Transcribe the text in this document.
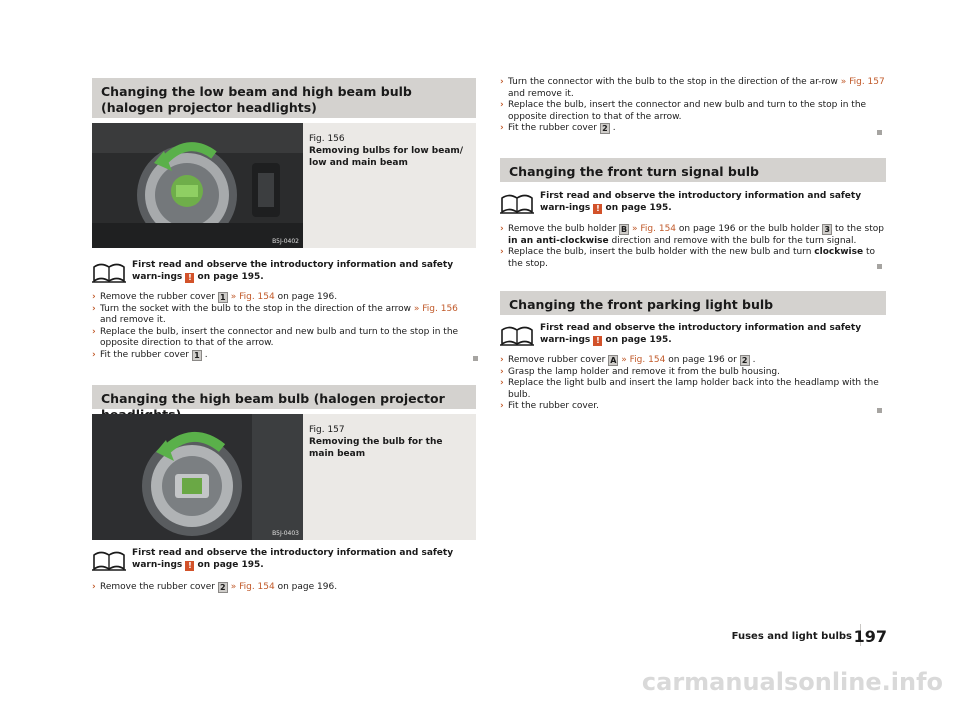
Changing the low beam and high beam bulb (halogen projector headlights)
B5J-0402
Fig. 156
Removing bulbs for low beam/ low and main beam
First read and observe the introductory information and safety warn-ings ! on page 195.
› Remove the rubber cover 1 » Fig. 154 on page 196.
› Turn the socket with the bulb to the stop in the direction of the arrow » Fig. 156 and remove it.
› Replace the bulb, insert the connector and new bulb and turn to the stop in the opposite direction to that of the arrow.
› Fit the rubber cover 1 .
Changing the high beam bulb (halogen projector
B5J-0403
Fig. 157
Removing the bulb for the main beam
First read and observe the introductory information and safety warn-ings ! on page 195.
› Remove the rubber cover 2 » Fig. 154 on page 196.
› Turn the connector with the bulb to the stop in the direction of the ar-row » Fig. 157 and remove it.
› Replace the bulb, insert the connector and new bulb and turn to the stop in the opposite direction to that of the arrow.
› Fit the rubber cover 2 .
Changing the front turn signal bulb
First read and observe the introductory information and safety warn-ings ! on page 195.
› Remove the bulb holder B » Fig. 154 on page 196 or the bulb holder 3 to the stop in an anti-clockwise direction and remove with the bulb for the turn signal.
› Replace the bulb, insert the bulb holder with the new bulb and turn clockwise to the stop.
Changing the front parking light bulb
First read and observe the introductory information and safety warn-ings ! on page 195.
› Remove rubber cover A » Fig. 154 on page 196 or 2 .
› Grasp the lamp holder and remove it from the bulb housing.
› Replace the light bulb and insert the lamp holder back into the headlamp with the bulb.
› Fit the rubber cover.
Fuses and light bulbs 197
carmanualsonline.info
